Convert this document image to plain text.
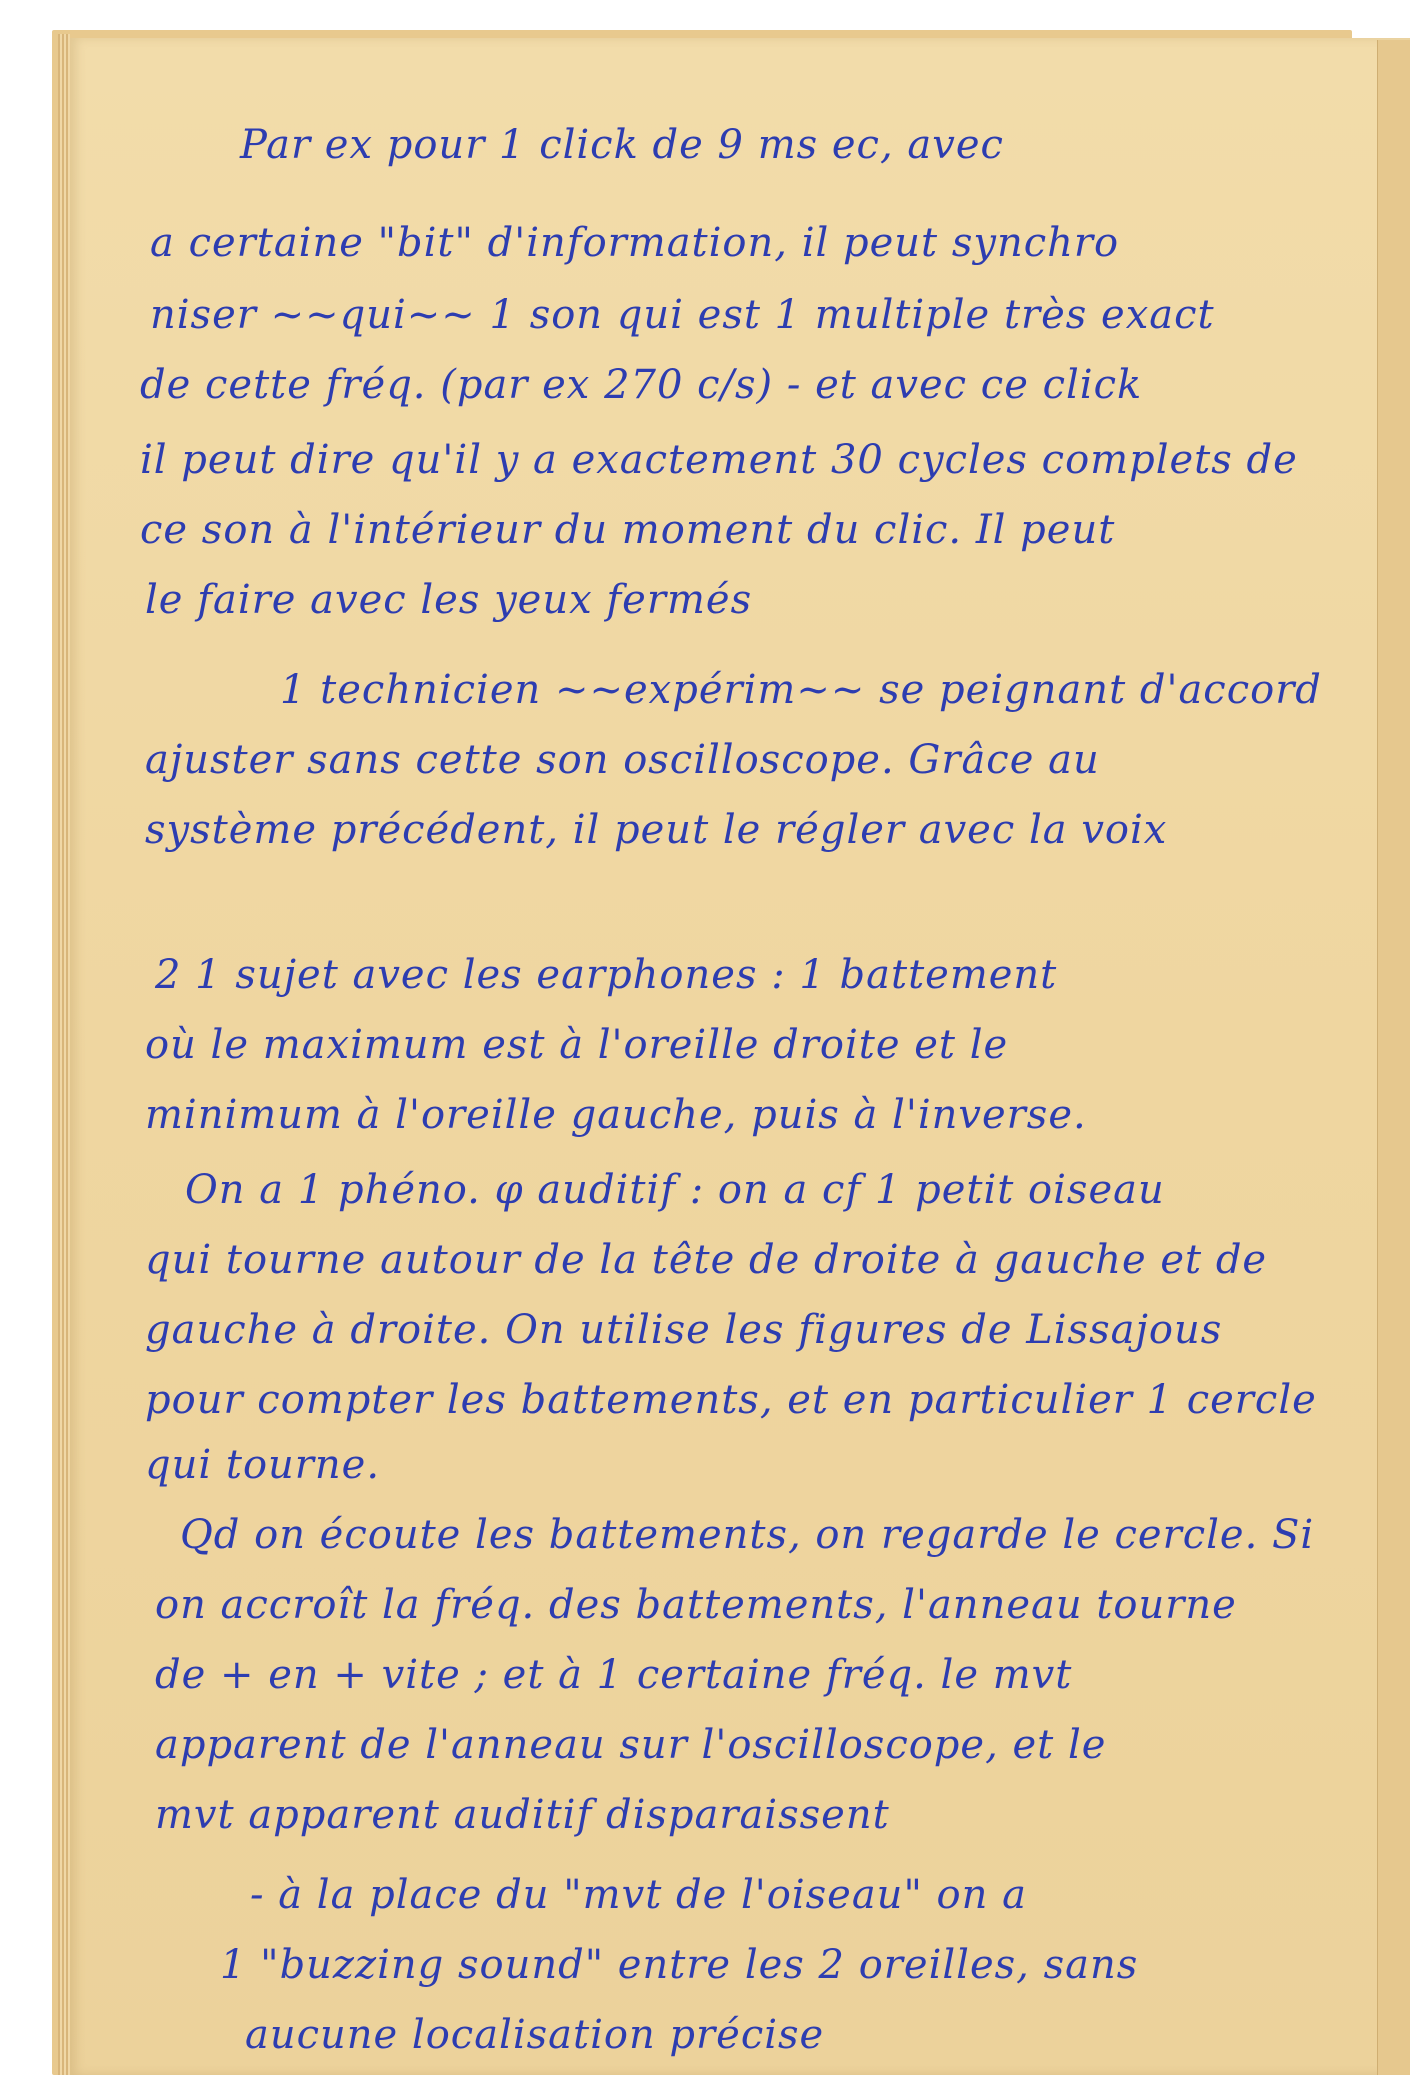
Par ex pour 1 click de 9 ms ec, avec
a certaine "bit" d'information, il peut synchro
niser ~~qui~~ 1 son qui est 1 multiple très exact
de cette fréq. (par ex 270 c/s) - et avec ce click
il peut dire qu'il y a exactement 30 cycles complets de
ce son à l'intérieur du moment du clic. Il peut
le faire avec les yeux fermés
1 technicien ~~expérim~~ se peignant d'accord
ajuster sans cette son oscilloscope. Grâce au
système précédent, il peut le régler avec la voix
2 1 sujet avec les earphones : 1 battement
où le maximum est à l'oreille droite et le
minimum à l'oreille gauche, puis à l'inverse.
On a 1 phéno. φ auditif : on a cf 1 petit oiseau
qui tourne autour de la tête de droite à gauche et de
gauche à droite. On utilise les figures de Lissajous
pour compter les battements, et en particulier 1 cercle
qui tourne.
Qd on écoute les battements, on regarde le cercle. Si
on accroît la fréq. des battements, l'anneau tourne
de + en + vite ; et à 1 certaine fréq. le mvt
apparent de l'anneau sur l'oscilloscope, et le
mvt apparent auditif disparaissent
- à la place du "mvt de l'oiseau" on a
1 "buzzing sound" entre les 2 oreilles, sans
aucune localisation précise
